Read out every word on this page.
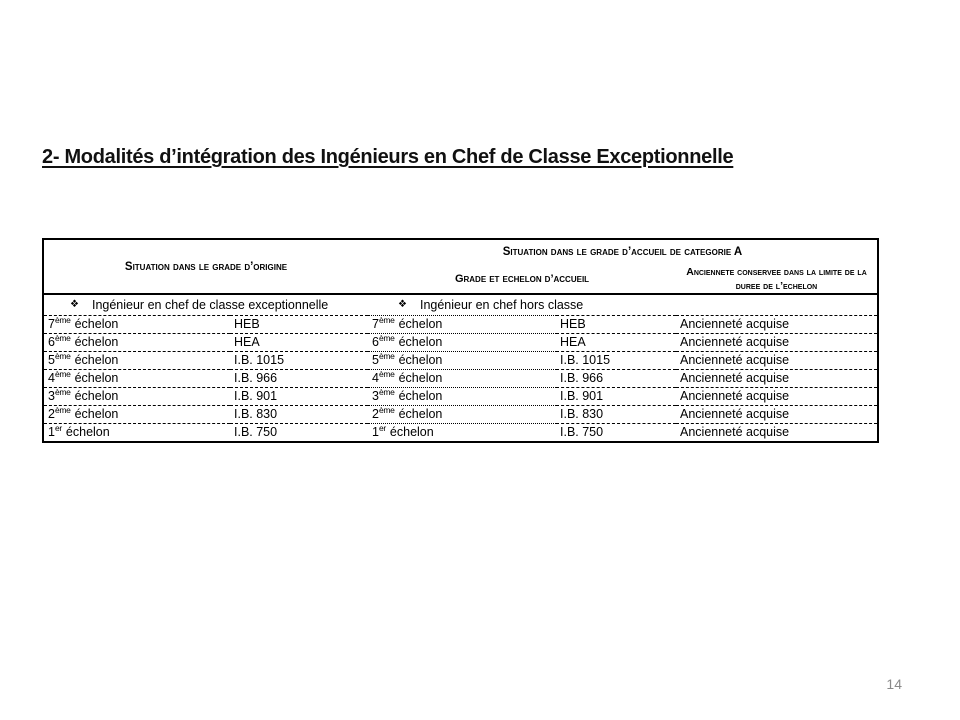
2- Modalités d’intégration des Ingénieurs en Chef de Classe Exceptionnelle
Situation dans le grade d’origine
Situation dans le grade d’accueil de categorie A
Grade et echelon d’accueil
Anciennete conservee dans la limite de la duree de l’echelon
❖ Ingénieur en chef de classe exceptionnelle	❖ Ingénieur en chef hors classe
7ème échelon	HEB	7ème échelon	HEB	Ancienneté acquise
6ème échelon	HEA	6ème échelon	HEA	Ancienneté acquise
5ème échelon	I.B. 1015	5ème échelon	I.B. 1015	Ancienneté acquise
4ème échelon	I.B. 966	4ème échelon	I.B. 966	Ancienneté acquise
3ème échelon	I.B. 901	3ème échelon	I.B. 901	Ancienneté acquise
2ème échelon	I.B. 830	2ème échelon	I.B. 830	Ancienneté acquise
1er échelon	I.B. 750	1er échelon	I.B. 750	Ancienneté acquise
14
